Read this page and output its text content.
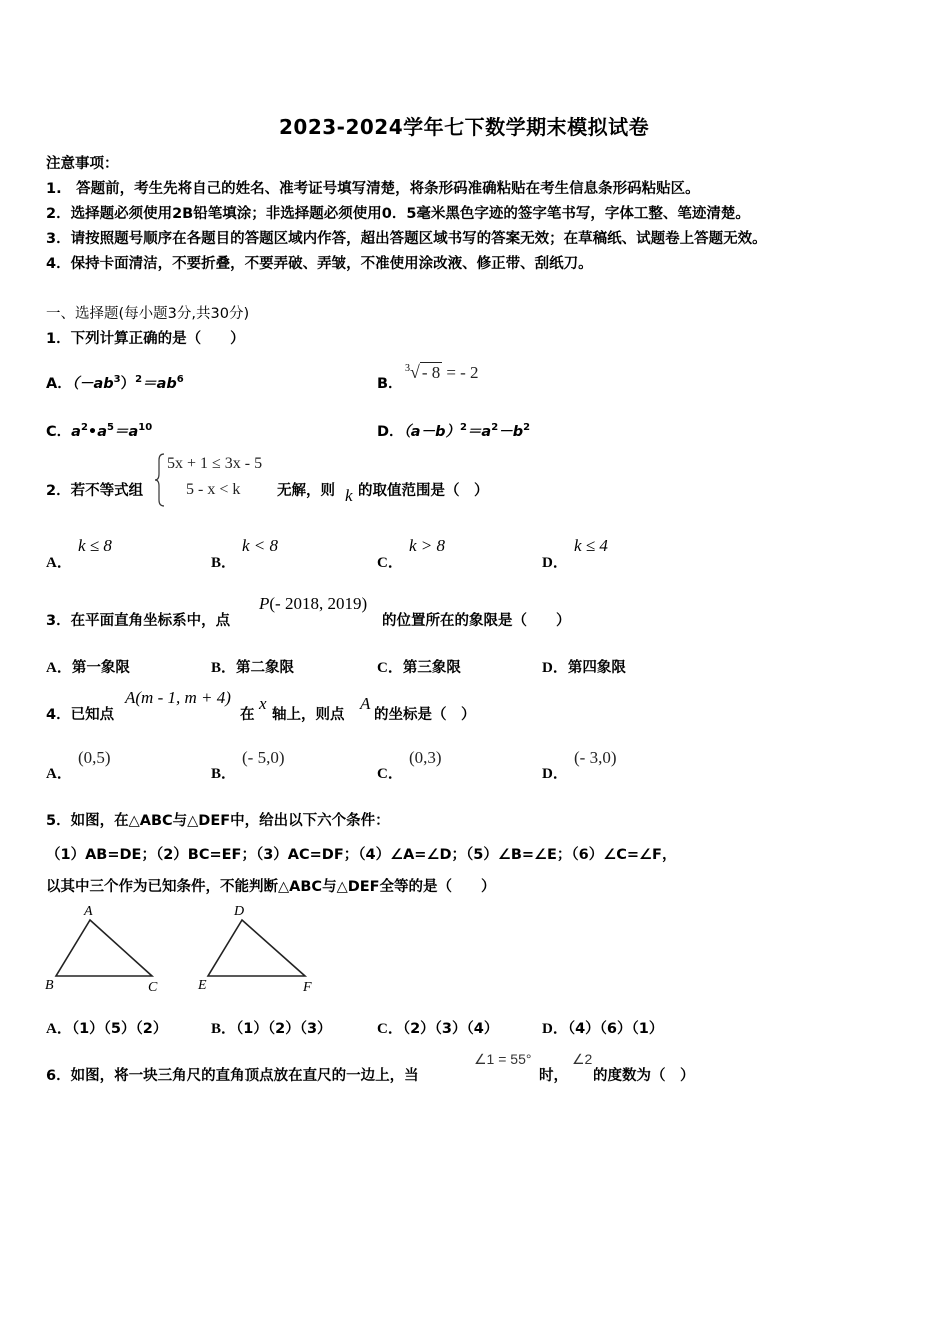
2023-2024学年七下数学期末模拟试卷
注意事项：
1.　答题前，考生先将自己的姓名、准考证号填写清楚，将条形码准确粘贴在考生信息条形码粘贴区。
2．选择题必须使用2B铅笔填涂；非选择题必须使用0．5毫米黑色字迹的签字笔书写，字体工整、笔迹清楚。
3．请按照题号顺序在各题目的答题区域内作答，超出答题区域书写的答案无效；在草稿纸、试题卷上答题无效。
4．保持卡面清洁，不要折叠，不要弄破、弄皱，不准使用涂改液、修正带、刮纸刀。
一、选择题(每小题3分,共30分)
1．下列计算正确的是（　　）
A．$(-ab^3)^2=ab^6$	B．
$^3$√ - 8 = - 2
C．$a^2•a^5=a^{10}$	D．$(a-b)^2=a^2-b^2$
2．若不等式组
5x + 1 ≤ 3x - 5
5 - x < k	无解，则 k 的取值范围是（　）
A．
k ≤ 8
B．
k < 8
C．
k > 8
D．
k ≤ 4
3．在平面直角坐标系中，点
P(- 2018, 2019)
的位置所在的象限是（　　）
A．第一象限	B．第二象限	C．第三象限	D．第四象限
4．已知点
A(m - 1, m + 4)
在
x
轴上，则点
A
的坐标是（　）
A．
(0,5)
B．
(- 5,0)
C．
(0,3)
D．
(- 3,0)
5．如图，在△ABC与△DEF中，给出以下六个条件：
（1）AB=DE；（2）BC=EF；（3）AC=DF；（4）∠A=∠D；（5）∠B=∠E；（6）∠C=∠F，
以其中三个作为已知条件，不能判断△ABC与△DEF全等的是（　　）
A
B	C
D
E	F
A．（1）（5）（2）	B．（1）（2）（3）	C．（2）（3）（4）	D．（4）（6）（1）
6．如图，将一块三角尺的直角顶点放在直尺的一边上，当
∠1 = 55°
时，
∠2
的度数为（　）
